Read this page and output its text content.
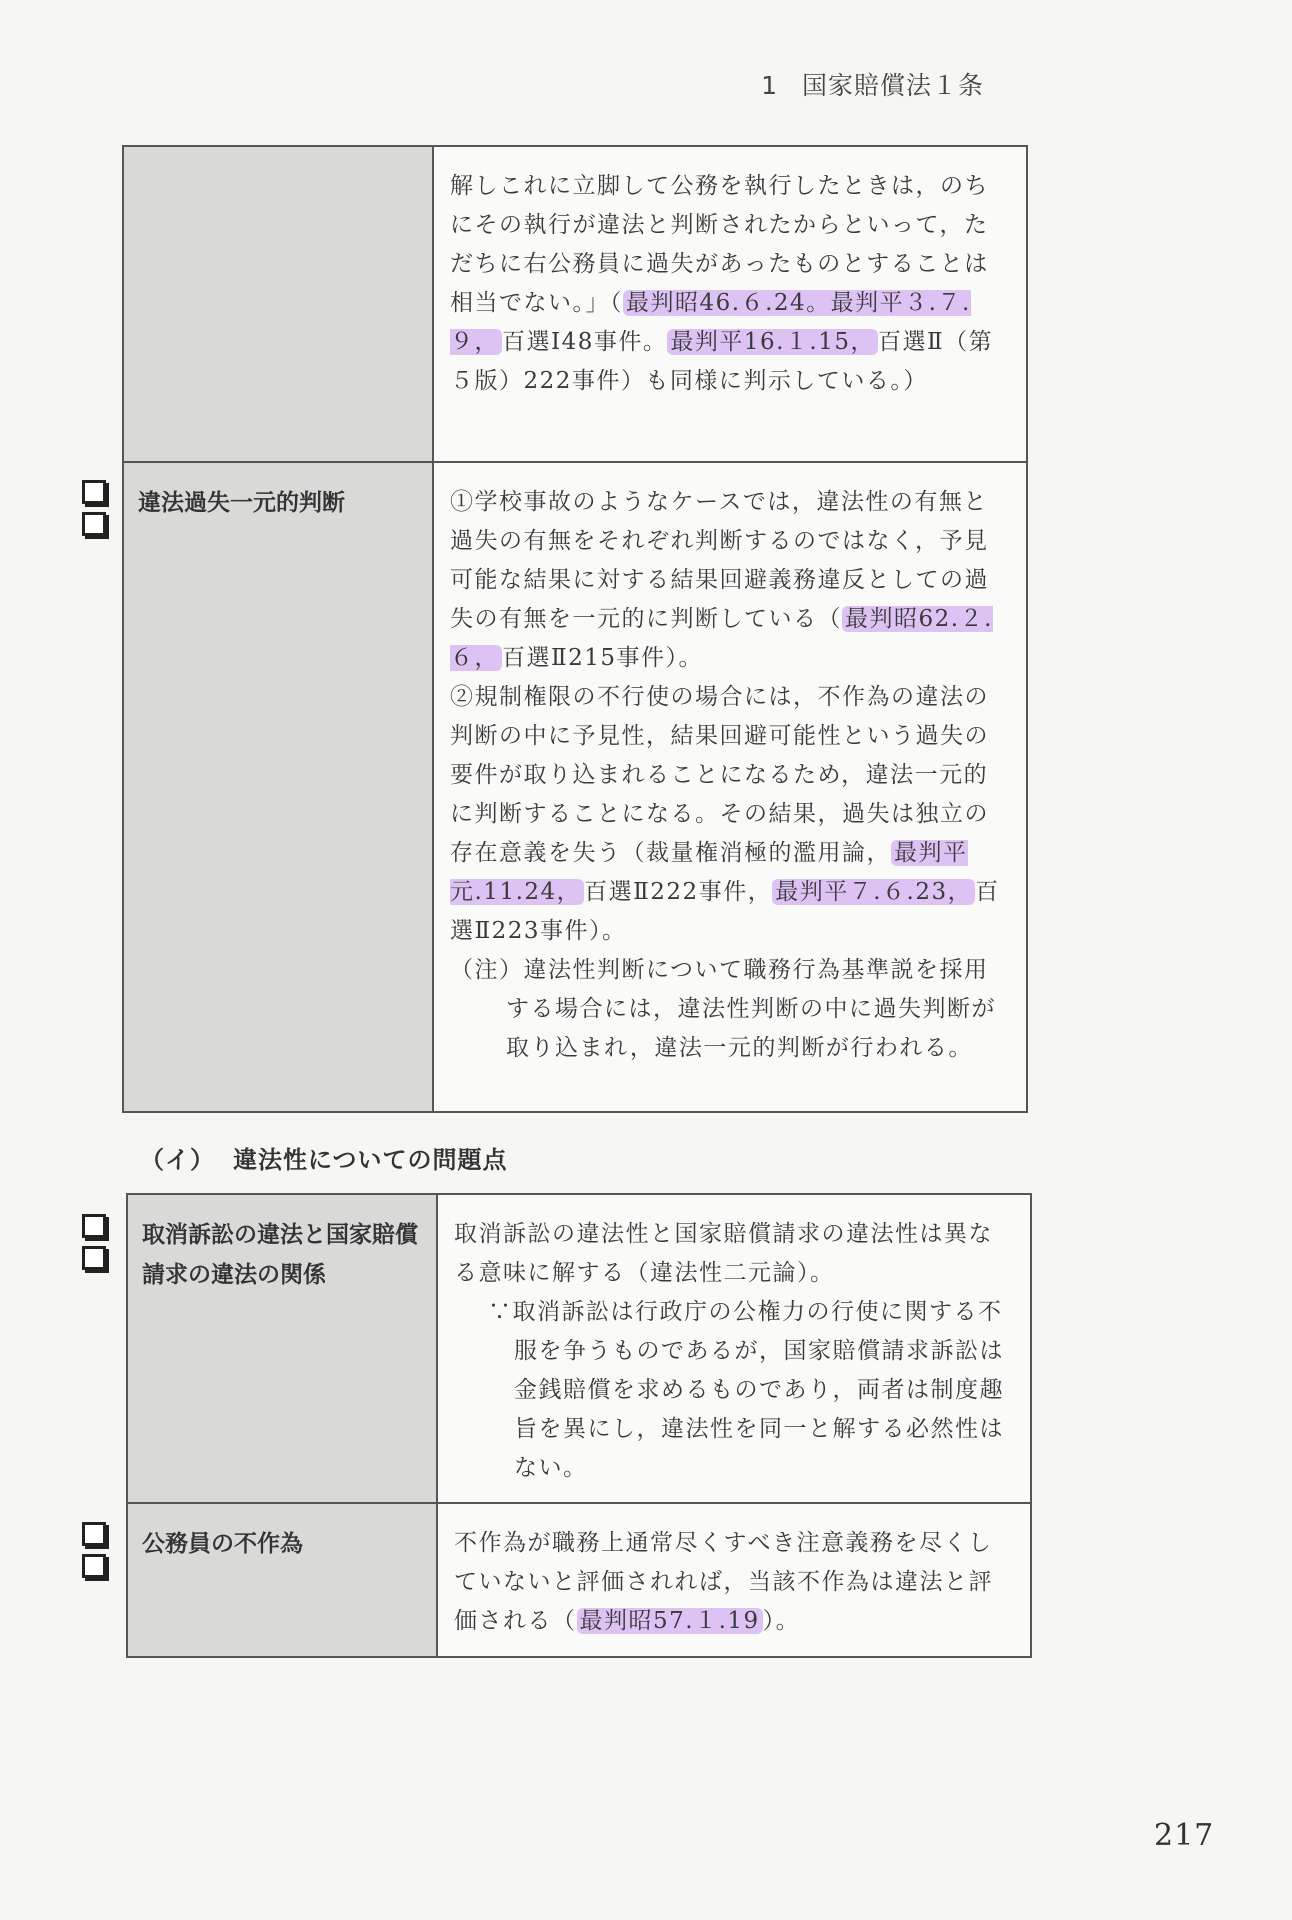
1 国家賠償法１条

	解しこれに立脚して公務を執行したときは，のちにその執行が違法と判断されたからといって，ただちに右公務員に過失があったものとすることは相当でない。」（ 最判昭46.６.24。最判平３.７.９， 百選Ⅰ48事件。 最判平16.１.15， 百選Ⅱ（第５版）222事件）も同様に判示している。）

違法過失一元的判断	①学校事故のようなケースでは，違法性の有無と過失の有無をそれぞれ判断するのではなく，予見可能な結果に対する結果回避義務違反としての過失の有無を一元的に判断している（ 最判昭62.２.６， 百選Ⅱ215事件）。

②規制権限の不行使の場合には，不作為の違法の判断の中に予見性，結果回避可能性という過失の要件が取り込まれることになるため，違法一元的に判断することになる。その結果，過失は独立の存在意義を失う（裁量権消極的濫用論， 最判平元.11.24， 百選Ⅱ222事件， 最判平７.６.23， 百選Ⅱ223事件）。

（注）違法性判断について職務行為基準説を採用する場合には，違法性判断の中に過失判断が取り込まれ，違法一元的判断が行われる。

（イ） 違法性についての問題点
取消訴訟の違法と国家賠償請求の違法の関係	取消訴訟の違法性と国家賠償請求の違法性は異なる意味に解する（違法性二元論）。

∵取消訴訟は行政庁の公権力の行使に関する不服を争うものであるが，国家賠償請求訴訟は金銭賠償を求めるものであり，両者は制度趣旨を異にし，違法性を同一と解する必然性はない。

公務員の不作為	不作為が職務上通常尽くすべき注意義務を尽くしていないと評価されれば，当該不作為は違法と評価される（ 最判昭57.１.19 ）。

217
